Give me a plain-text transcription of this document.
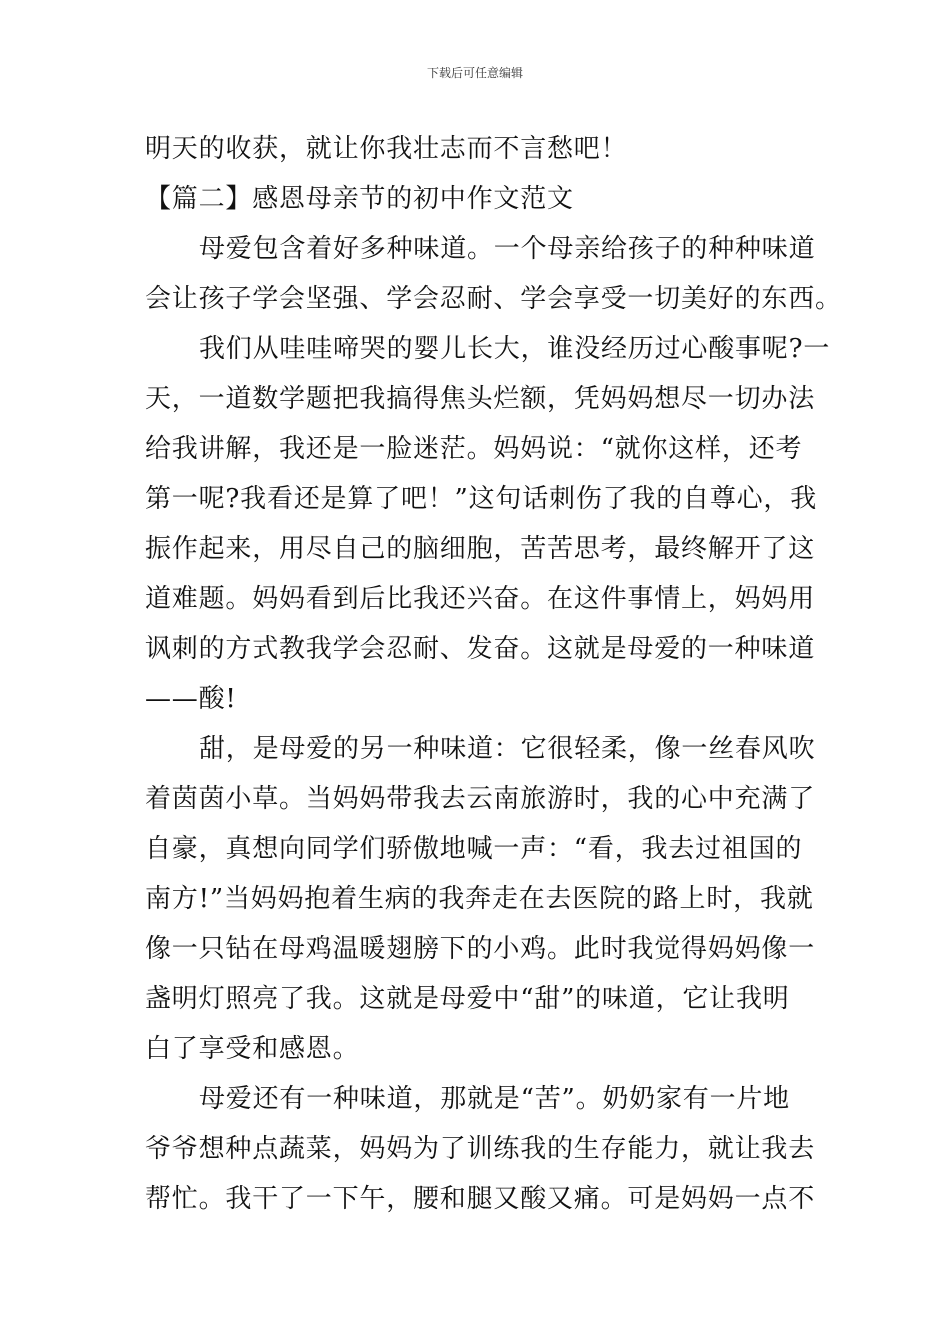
下载后可任意编辑
明天的收获，就让你我壮志而不言愁吧！
【篇二】感恩母亲节的初中作文范文
母爱包含着好多种味道。一个母亲给孩子的种种味道
会让孩子学会坚强、学会忍耐、学会享受一切美好的东西。
我们从哇哇啼哭的婴儿长大，谁没经历过心酸事呢?一
天，一道数学题把我搞得焦头烂额，凭妈妈想尽一切办法
给我讲解，我还是一脸迷茫。妈妈说：“就你这样，还考
第一呢?我看还是算了吧！”这句话刺伤了我的自尊心，我
振作起来，用尽自己的脑细胞，苦苦思考，最终解开了这
道难题。妈妈看到后比我还兴奋。在这件事情上，妈妈用
讽刺的方式教我学会忍耐、发奋。这就是母爱的一种味道
——酸!
甜，是母爱的另一种味道：它很轻柔，像一丝春风吹
着茵茵小草。当妈妈带我去云南旅游时，我的心中充满了
自豪，真想向同学们骄傲地喊一声：“看，我去过祖国的
南方!”当妈妈抱着生病的我奔走在去医院的路上时，我就
像一只钻在母鸡温暖翅膀下的小鸡。此时我觉得妈妈像一
盏明灯照亮了我。这就是母爱中“甜”的味道，它让我明
白了享受和感恩。
母爱还有一种味道，那就是“苦”。奶奶家有一片地
爷爷想种点蔬菜，妈妈为了训练我的生存能力，就让我去
帮忙。我干了一下午，腰和腿又酸又痛。可是妈妈一点不
